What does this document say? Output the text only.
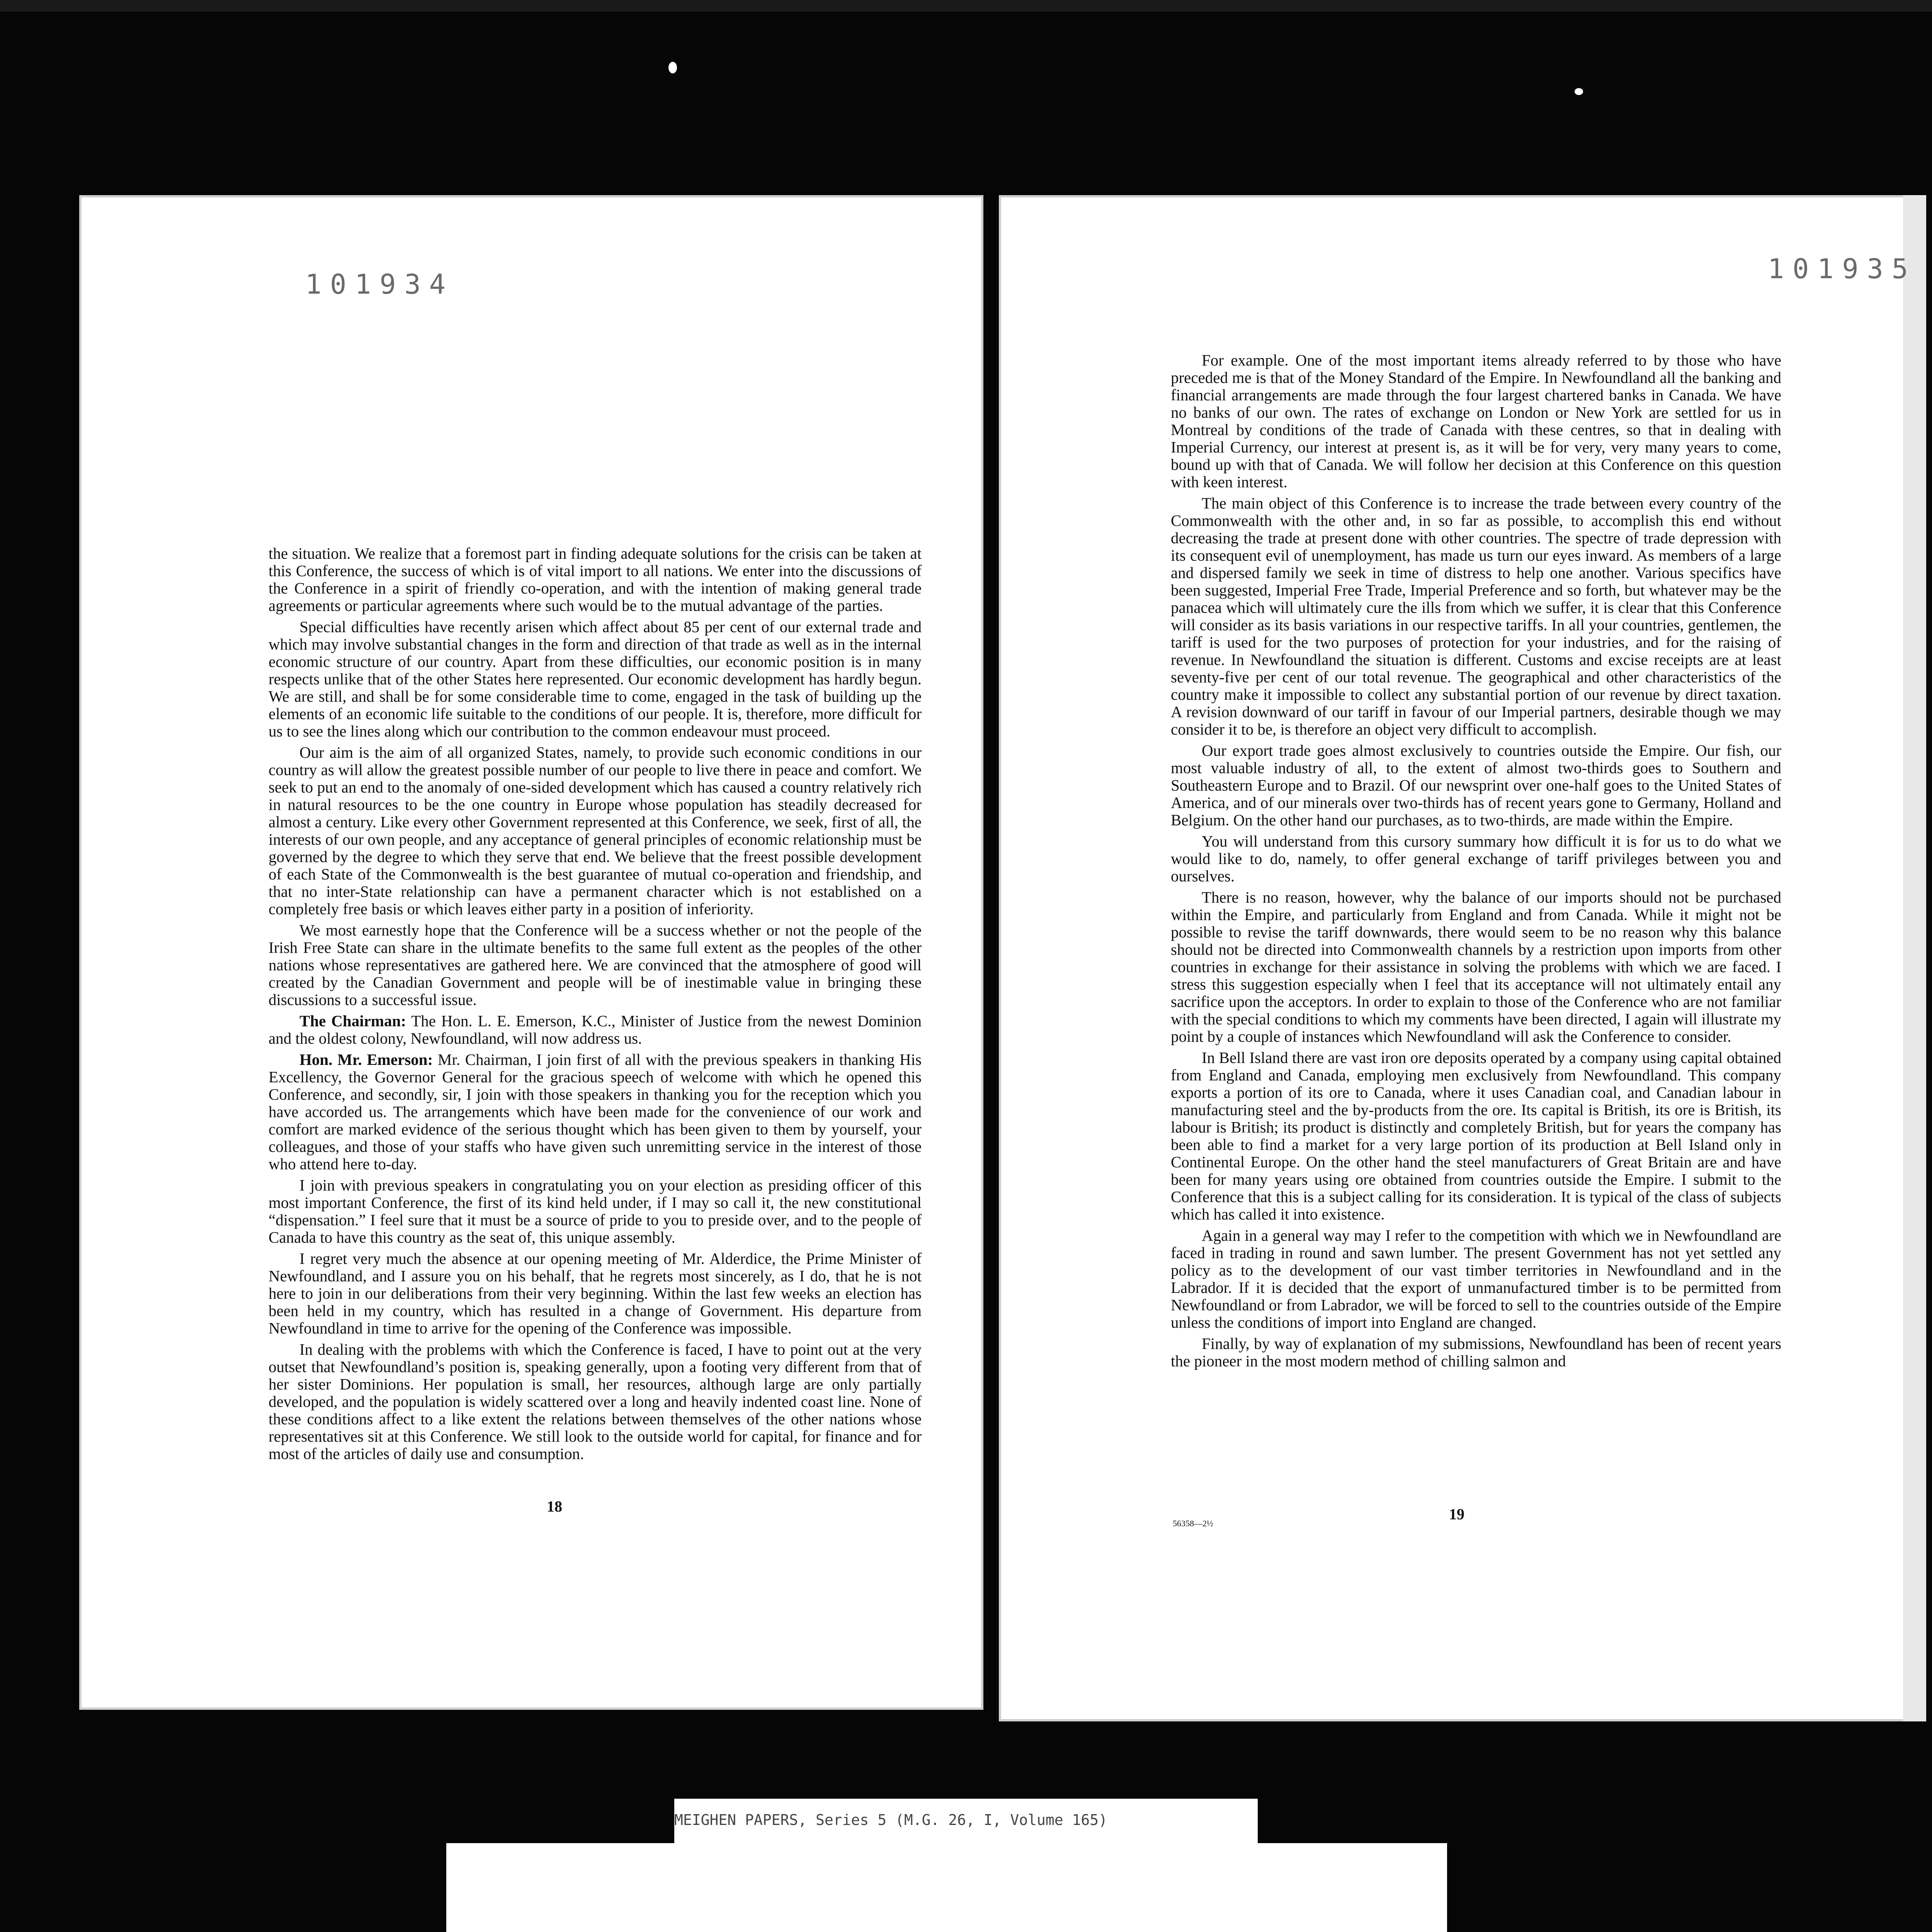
101934

the situation. We realize that a foremost part in finding adequate solutions for the crisis can be taken at this Conference, the success of which is of vital import to all nations. We enter into the discussions of the Conference in a spirit of friendly co-operation, and with the intention of making general trade agreements or particular agreements where such would be to the mutual advantage of the parties.

Special difficulties have recently arisen which affect about 85 per cent of our external trade and which may involve substantial changes in the form and direction of that trade as well as in the internal economic structure of our country. Apart from these difficulties, our economic position is in many respects unlike that of the other States here represented. Our economic development has hardly begun. We are still, and shall be for some considerable time to come, engaged in the task of building up the elements of an economic life suitable to the conditions of our people. It is, therefore, more difficult for us to see the lines along which our contribution to the common endeavour must proceed.

Our aim is the aim of all organized States, namely, to provide such economic conditions in our country as will allow the greatest possible number of our people to live there in peace and comfort. We seek to put an end to the anomaly of one-sided development which has caused a country relatively rich in natural resources to be the one country in Europe whose population has steadily decreased for almost a century. Like every other Government represented at this Conference, we seek, first of all, the interests of our own people, and any acceptance of general principles of economic relationship must be governed by the degree to which they serve that end. We believe that the freest possible development of each State of the Commonwealth is the best guarantee of mutual co-operation and friendship, and that no inter-State relationship can have a permanent character which is not established on a completely free basis or which leaves either party in a position of inferiority.

We most earnestly hope that the Conference will be a success whether or not the people of the Irish Free State can share in the ultimate benefits to the same full extent as the peoples of the other nations whose representatives are gathered here. We are convinced that the atmosphere of good will created by the Canadian Government and people will be of inestimable value in bringing these discussions to a successful issue.

The Chairman: The Hon. L. E. Emerson, K.C., Minister of Justice from the newest Dominion and the oldest colony, Newfoundland, will now address us.

Hon. Mr. Emerson: Mr. Chairman, I join first of all with the previous speakers in thanking His Excellency, the Governor General for the gracious speech of welcome with which he opened this Conference, and secondly, sir, I join with those speakers in thanking you for the reception which you have accorded us. The arrangements which have been made for the convenience of our work and comfort are marked evidence of the serious thought which has been given to them by yourself, your colleagues, and those of your staffs who have given such unremitting service in the interest of those who attend here to-day.

I join with previous speakers in congratulating you on your election as presiding officer of this most important Conference, the first of its kind held under, if I may so call it, the new constitutional “dispensation.” I feel sure that it must be a source of pride to you to preside over, and to the people of Canada to have this country as the seat of, this unique assembly.

I regret very much the absence at our opening meeting of Mr. Alderdice, the Prime Minister of Newfoundland, and I assure you on his behalf, that he regrets most sincerely, as I do, that he is not here to join in our deliberations from their very beginning. Within the last few weeks an election has been held in my country, which has resulted in a change of Government. His departure from Newfoundland in time to arrive for the opening of the Conference was impossible.

In dealing with the problems with which the Conference is faced, I have to point out at the very outset that Newfoundland’s position is, speaking generally, upon a footing very different from that of her sister Dominions. Her population is small, her resources, although large are only partially developed, and the population is widely scattered over a long and heavily indented coast line. None of these conditions affect to a like extent the relations between themselves of the other nations whose representatives sit at this Conference. We still look to the outside world for capital, for finance and for most of the articles of daily use and consumption.

18
101935

For example. One of the most important items already referred to by those who have preceded me is that of the Money Standard of the Empire. In Newfoundland all the banking and financial arrangements are made through the four largest chartered banks in Canada. We have no banks of our own. The rates of exchange on London or New York are settled for us in Montreal by conditions of the trade of Canada with these centres, so that in dealing with Imperial Currency, our interest at present is, as it will be for very, very many years to come, bound up with that of Canada. We will follow her decision at this Conference on this question with keen interest.

The main object of this Conference is to increase the trade between every country of the Commonwealth with the other and, in so far as possible, to accomplish this end without decreasing the trade at present done with other countries. The spectre of trade depression with its consequent evil of unemployment, has made us turn our eyes inward. As members of a large and dispersed family we seek in time of distress to help one another. Various specifics have been suggested, Imperial Free Trade, Imperial Preference and so forth, but whatever may be the panacea which will ultimately cure the ills from which we suffer, it is clear that this Conference will consider as its basis variations in our respective tariffs. In all your countries, gentlemen, the tariff is used for the two purposes of protection for your industries, and for the raising of revenue. In Newfoundland the situation is different. Customs and excise receipts are at least seventy-five per cent of our total revenue. The geographical and other characteristics of the country make it impossible to collect any substantial portion of our revenue by direct taxation. A revision downward of our tariff in favour of our Imperial partners, desirable though we may consider it to be, is therefore an object very difficult to accomplish.

Our export trade goes almost exclusively to countries outside the Empire. Our fish, our most valuable industry of all, to the extent of almost two-thirds goes to Southern and Southeastern Europe and to Brazil. Of our newsprint over one-half goes to the United States of America, and of our minerals over two-thirds has of recent years gone to Germany, Holland and Belgium. On the other hand our purchases, as to two-thirds, are made within the Empire.

You will understand from this cursory summary how difficult it is for us to do what we would like to do, namely, to offer general exchange of tariff privileges between you and ourselves.

There is no reason, however, why the balance of our imports should not be purchased within the Empire, and particularly from England and from Canada. While it might not be possible to revise the tariff downwards, there would seem to be no reason why this balance should not be directed into Commonwealth channels by a restriction upon imports from other countries in exchange for their assistance in solving the problems with which we are faced. I stress this suggestion especially when I feel that its acceptance will not ultimately entail any sacrifice upon the acceptors. In order to explain to those of the Conference who are not familiar with the special conditions to which my comments have been directed, I again will illustrate my point by a couple of instances which Newfoundland will ask the Conference to consider.

In Bell Island there are vast iron ore deposits operated by a company using capital obtained from England and Canada, employing men exclusively from Newfoundland. This company exports a portion of its ore to Canada, where it uses Canadian coal, and Canadian labour in manufacturing steel and the by-products from the ore. Its capital is British, its ore is British, its labour is British; its product is distinctly and completely British, but for years the company has been able to find a market for a very large portion of its production at Bell Island only in Continental Europe. On the other hand the steel manufacturers of Great Britain are and have been for many years using ore obtained from countries outside the Empire. I submit to the Conference that this is a subject calling for its consideration. It is typical of the class of subjects which has called it into existence.

Again in a general way may I refer to the competition with which we in Newfoundland are faced in trading in round and sawn lumber. The present Government has not yet settled any policy as to the development of our vast timber territories in Newfoundland and in the Labrador. If it is decided that the export of unmanufactured timber is to be permitted from Newfoundland or from Labrador, we will be forced to sell to the countries outside of the Empire unless the conditions of import into England are changed.

Finally, by way of explanation of my submissions, Newfoundland has been of recent years the pioneer in the most modern method of chilling salmon and

19
56358—2½
MEIGHEN PAPERS, Series 5 (M.G. 26, I, Volume 165)
